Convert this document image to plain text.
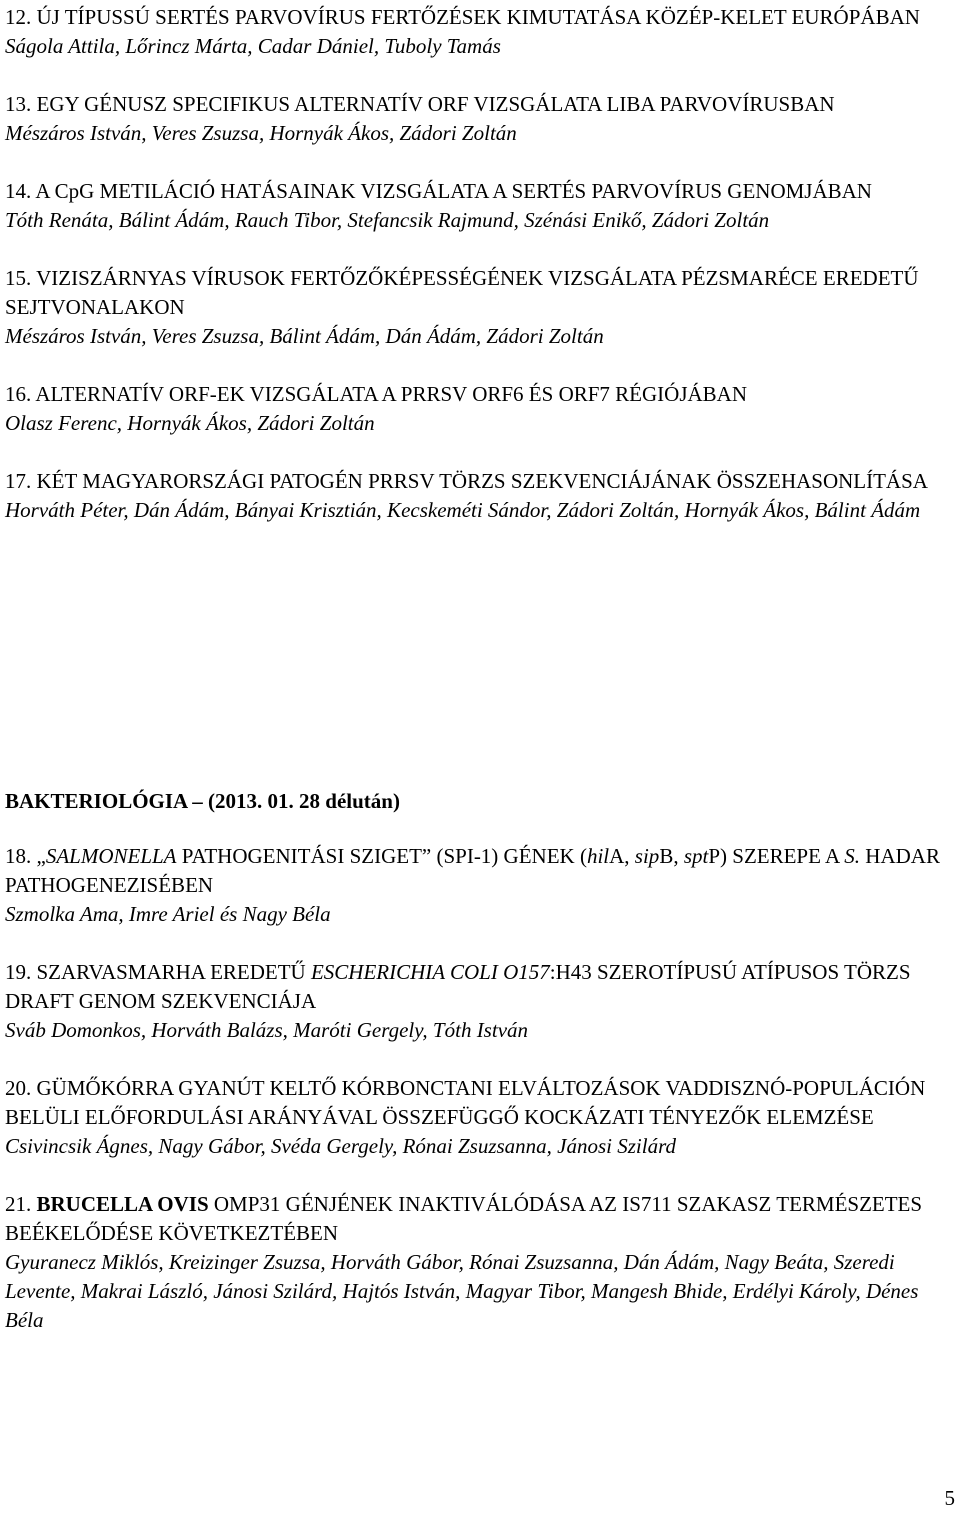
12. ÚJ TÍPUSSÚ SERTÉS PARVOVÍRUS FERTŐZÉSEK KIMUTATÁSA KÖZÉP-KELET EURÓPÁBAN

Ságola Attila, Lőrincz Márta, Cadar Dániel, Tuboly Tamás

13. EGY GÉNUSZ SPECIFIKUS ALTERNATÍV ORF VIZSGÁLATA LIBA PARVOVÍRUSBAN

Mészáros István, Veres Zsuzsa, Hornyák Ákos, Zádori Zoltán

14. A CpG METILÁCIÓ HATÁSAINAK VIZSGÁLATA A SERTÉS PARVOVÍRUS GENOMJÁBAN

Tóth Renáta, Bálint Ádám, Rauch Tibor, Stefancsik Rajmund, Szénási Enikő, Zádori Zoltán

15. VIZISZÁRNYAS VÍRUSOK FERTŐZŐKÉPESSÉGÉNEK VIZSGÁLATA PÉZSMARÉCE EREDETŰ SEJTVONALAKON

Mészáros István, Veres Zsuzsa, Bálint Ádám, Dán Ádám, Zádori Zoltán

16. ALTERNATÍV ORF-EK VIZSGÁLATA A PRRSV ORF6 ÉS ORF7 RÉGIÓJÁBAN

Olasz Ferenc, Hornyák Ákos, Zádori Zoltán

17. KÉT MAGYARORSZÁGI PATOGÉN PRRSV TÖRZS SZEKVENCIÁJÁNAK ÖSSZEHASONLÍTÁSA

Horváth Péter, Dán Ádám, Bányai Krisztián, Kecskeméti Sándor, Zádori Zoltán, Hornyák Ákos, Bálint Ádám

BAKTERIOLÓGIA – (2013. 01. 28 délután)

18. „SALMONELLA PATHOGENITÁSI SZIGET” (SPI-1) GÉNEK (hilA, sipB, sptP) SZEREPE A S. HADAR PATHOGENEZISÉBEN

Szmolka Ama, Imre Ariel és Nagy Béla

19. SZARVASMARHA EREDETŰ ESCHERICHIA COLI O157:H43 SZEROTÍPUSÚ ATÍPUSOS TÖRZS DRAFT GENOM SZEKVENCIÁJA

Sváb Domonkos, Horváth Balázs, Maróti Gergely, Tóth István

20. GÜMŐKÓRRA GYANÚT KELTŐ KÓRBONCTANI ELVÁLTOZÁSOK VADDISZNÓ-POPULÁCIÓN BELÜLI ELŐFORDULÁSI ARÁNYÁVAL ÖSSZEFÜGGŐ KOCKÁZATI TÉNYEZŐK ELEMZÉSE

Csivincsik Ágnes, Nagy Gábor, Svéda Gergely, Rónai Zsuzsanna, Jánosi Szilárd

21. BRUCELLA OVIS OMP31 GÉNJÉNEK INAKTIVÁLÓDÁSA AZ IS711 SZAKASZ TERMÉSZETES BEÉKELŐDÉSE KÖVETKEZTÉBEN

Gyuranecz Miklós, Kreizinger Zsuzsa, Horváth Gábor, Rónai Zsuzsanna, Dán Ádám, Nagy Beáta, Szeredi Levente, Makrai László, Jánosi Szilárd, Hajtós István, Magyar Tibor, Mangesh Bhide, Erdélyi Károly, Dénes Béla

5
